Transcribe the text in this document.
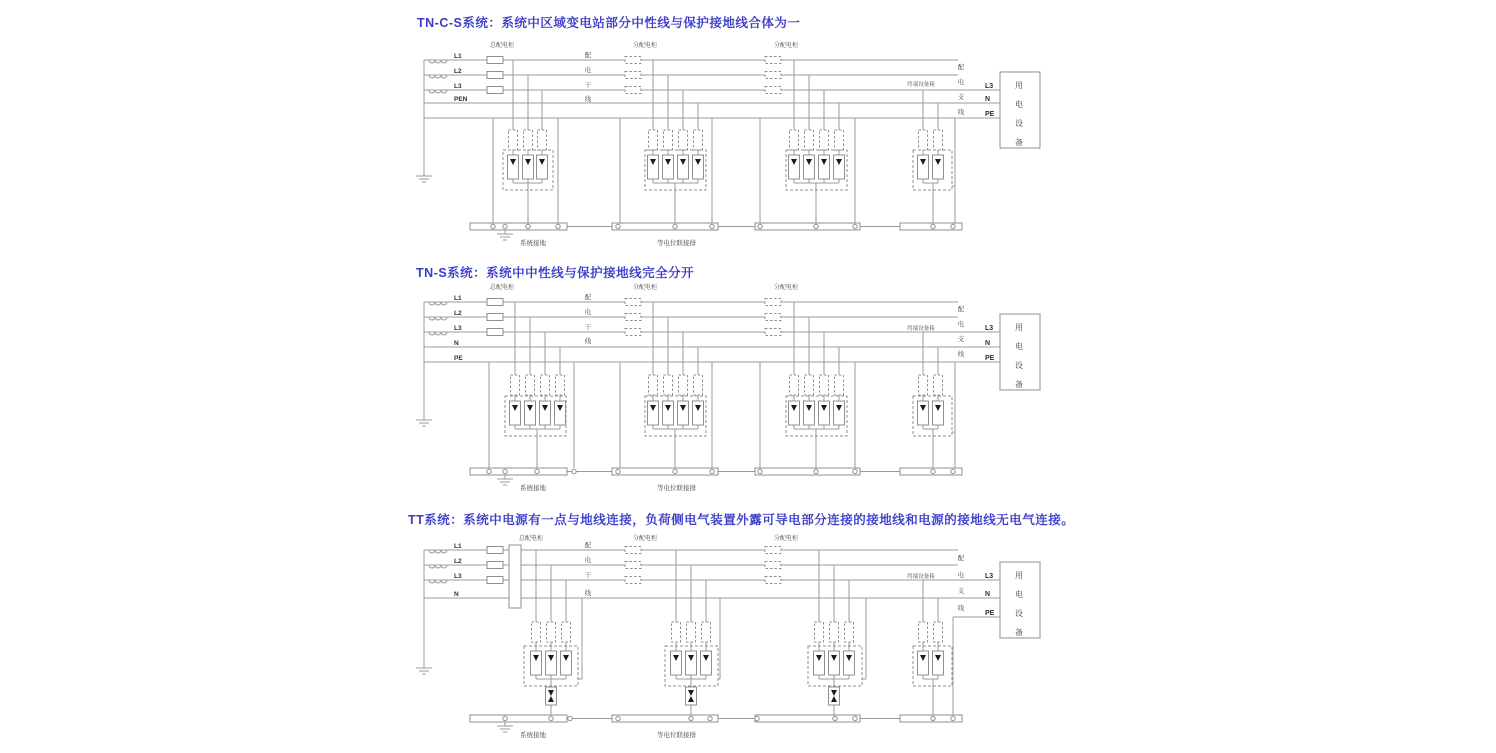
TN-C-S系统：系统中区域变电站部分中性线与保护接地线合体为一
L1
L2
L3
PEN
总配电柜	分配电柜	分配电柜
配
电
干
线
配
电
支
线
终端设备箱	L3
N
PE
用
电
设
备
系统接地	等电位联接排
TN-S系统：系统中中性线与保护接地线完全分开
L1
L2
L3
N
PE
总配电柜	分配电柜	分配电柜
配
电
干
线
配
电
支
线
终端设备箱	L3
N
PE
用
电
设
备
系统接地	等电位联接排
TT系统：系统中电源有一点与地线连接，负荷侧电气装置外露可导电部分连接的接地线和电源的接地线无电气连接。
L1
L2
L3
N
总配电柜	分配电柜	分配电柜
配
电
干
线
配
电
支
线
终端设备箱	L3
N
PE
用
电
设
备
系统接地	等电位联接排
